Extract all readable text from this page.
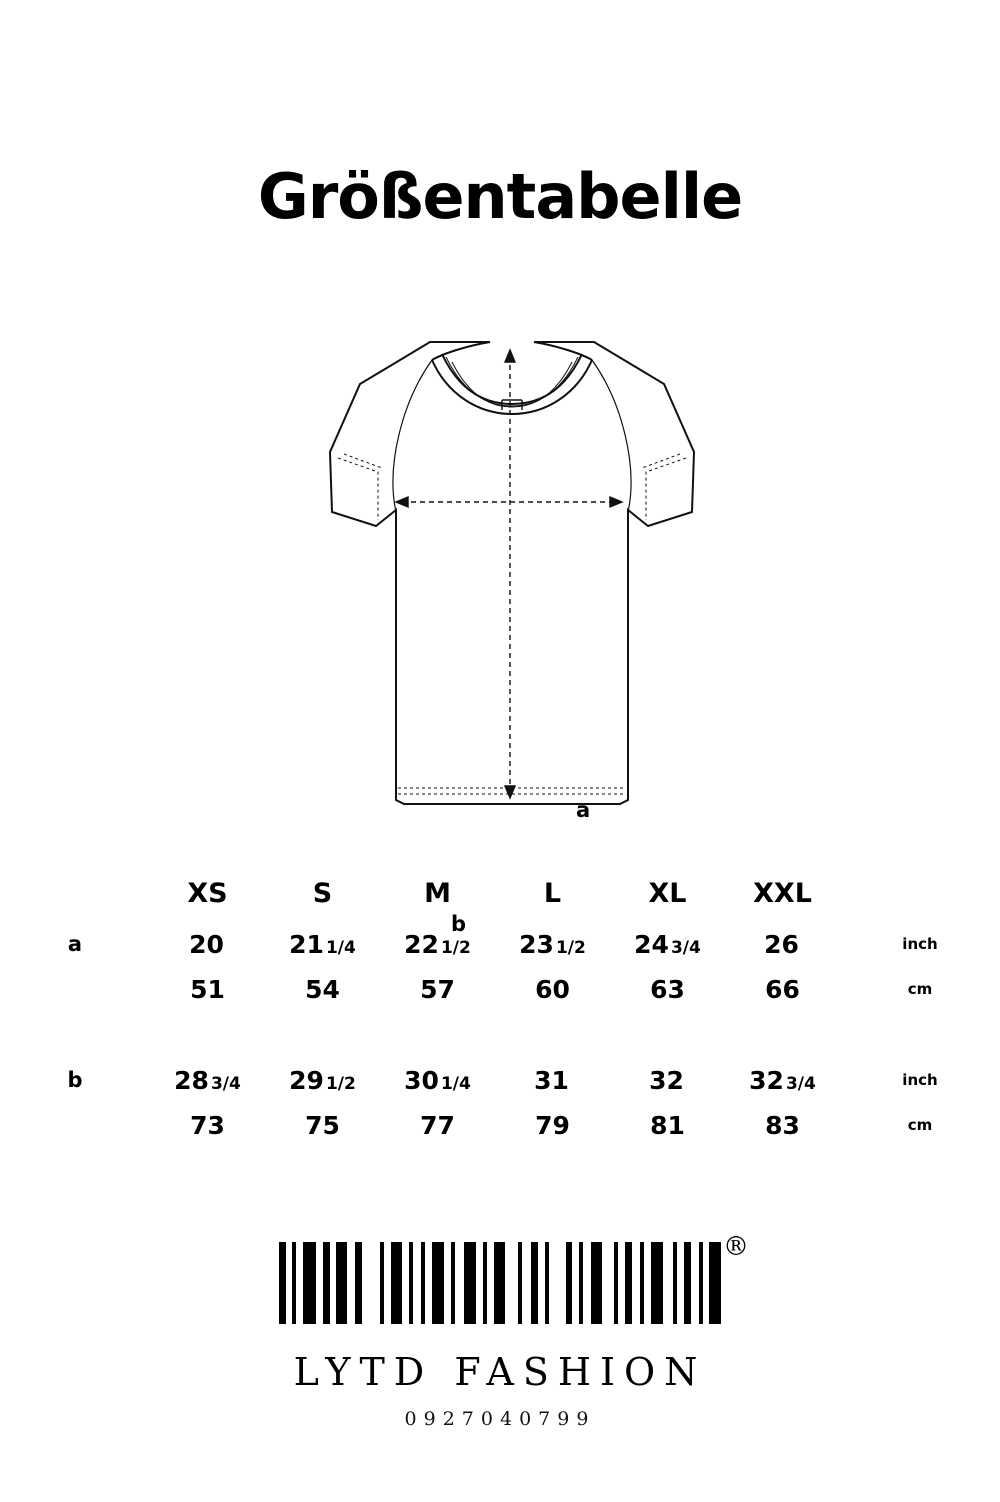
Größentabelle
a
b
	XS	S	M	L	XL	XXL	
a	20	21 1/4	22 1/2	23 1/2	24 3/4	26	inch
	51	54	57	60	63	66	cm

b	28 3/4	29 1/2	30 1/4	31	32	32 3/4	inch
	73	75	77	79	81	83	cm
®
LYTD FASHION
0927040799
